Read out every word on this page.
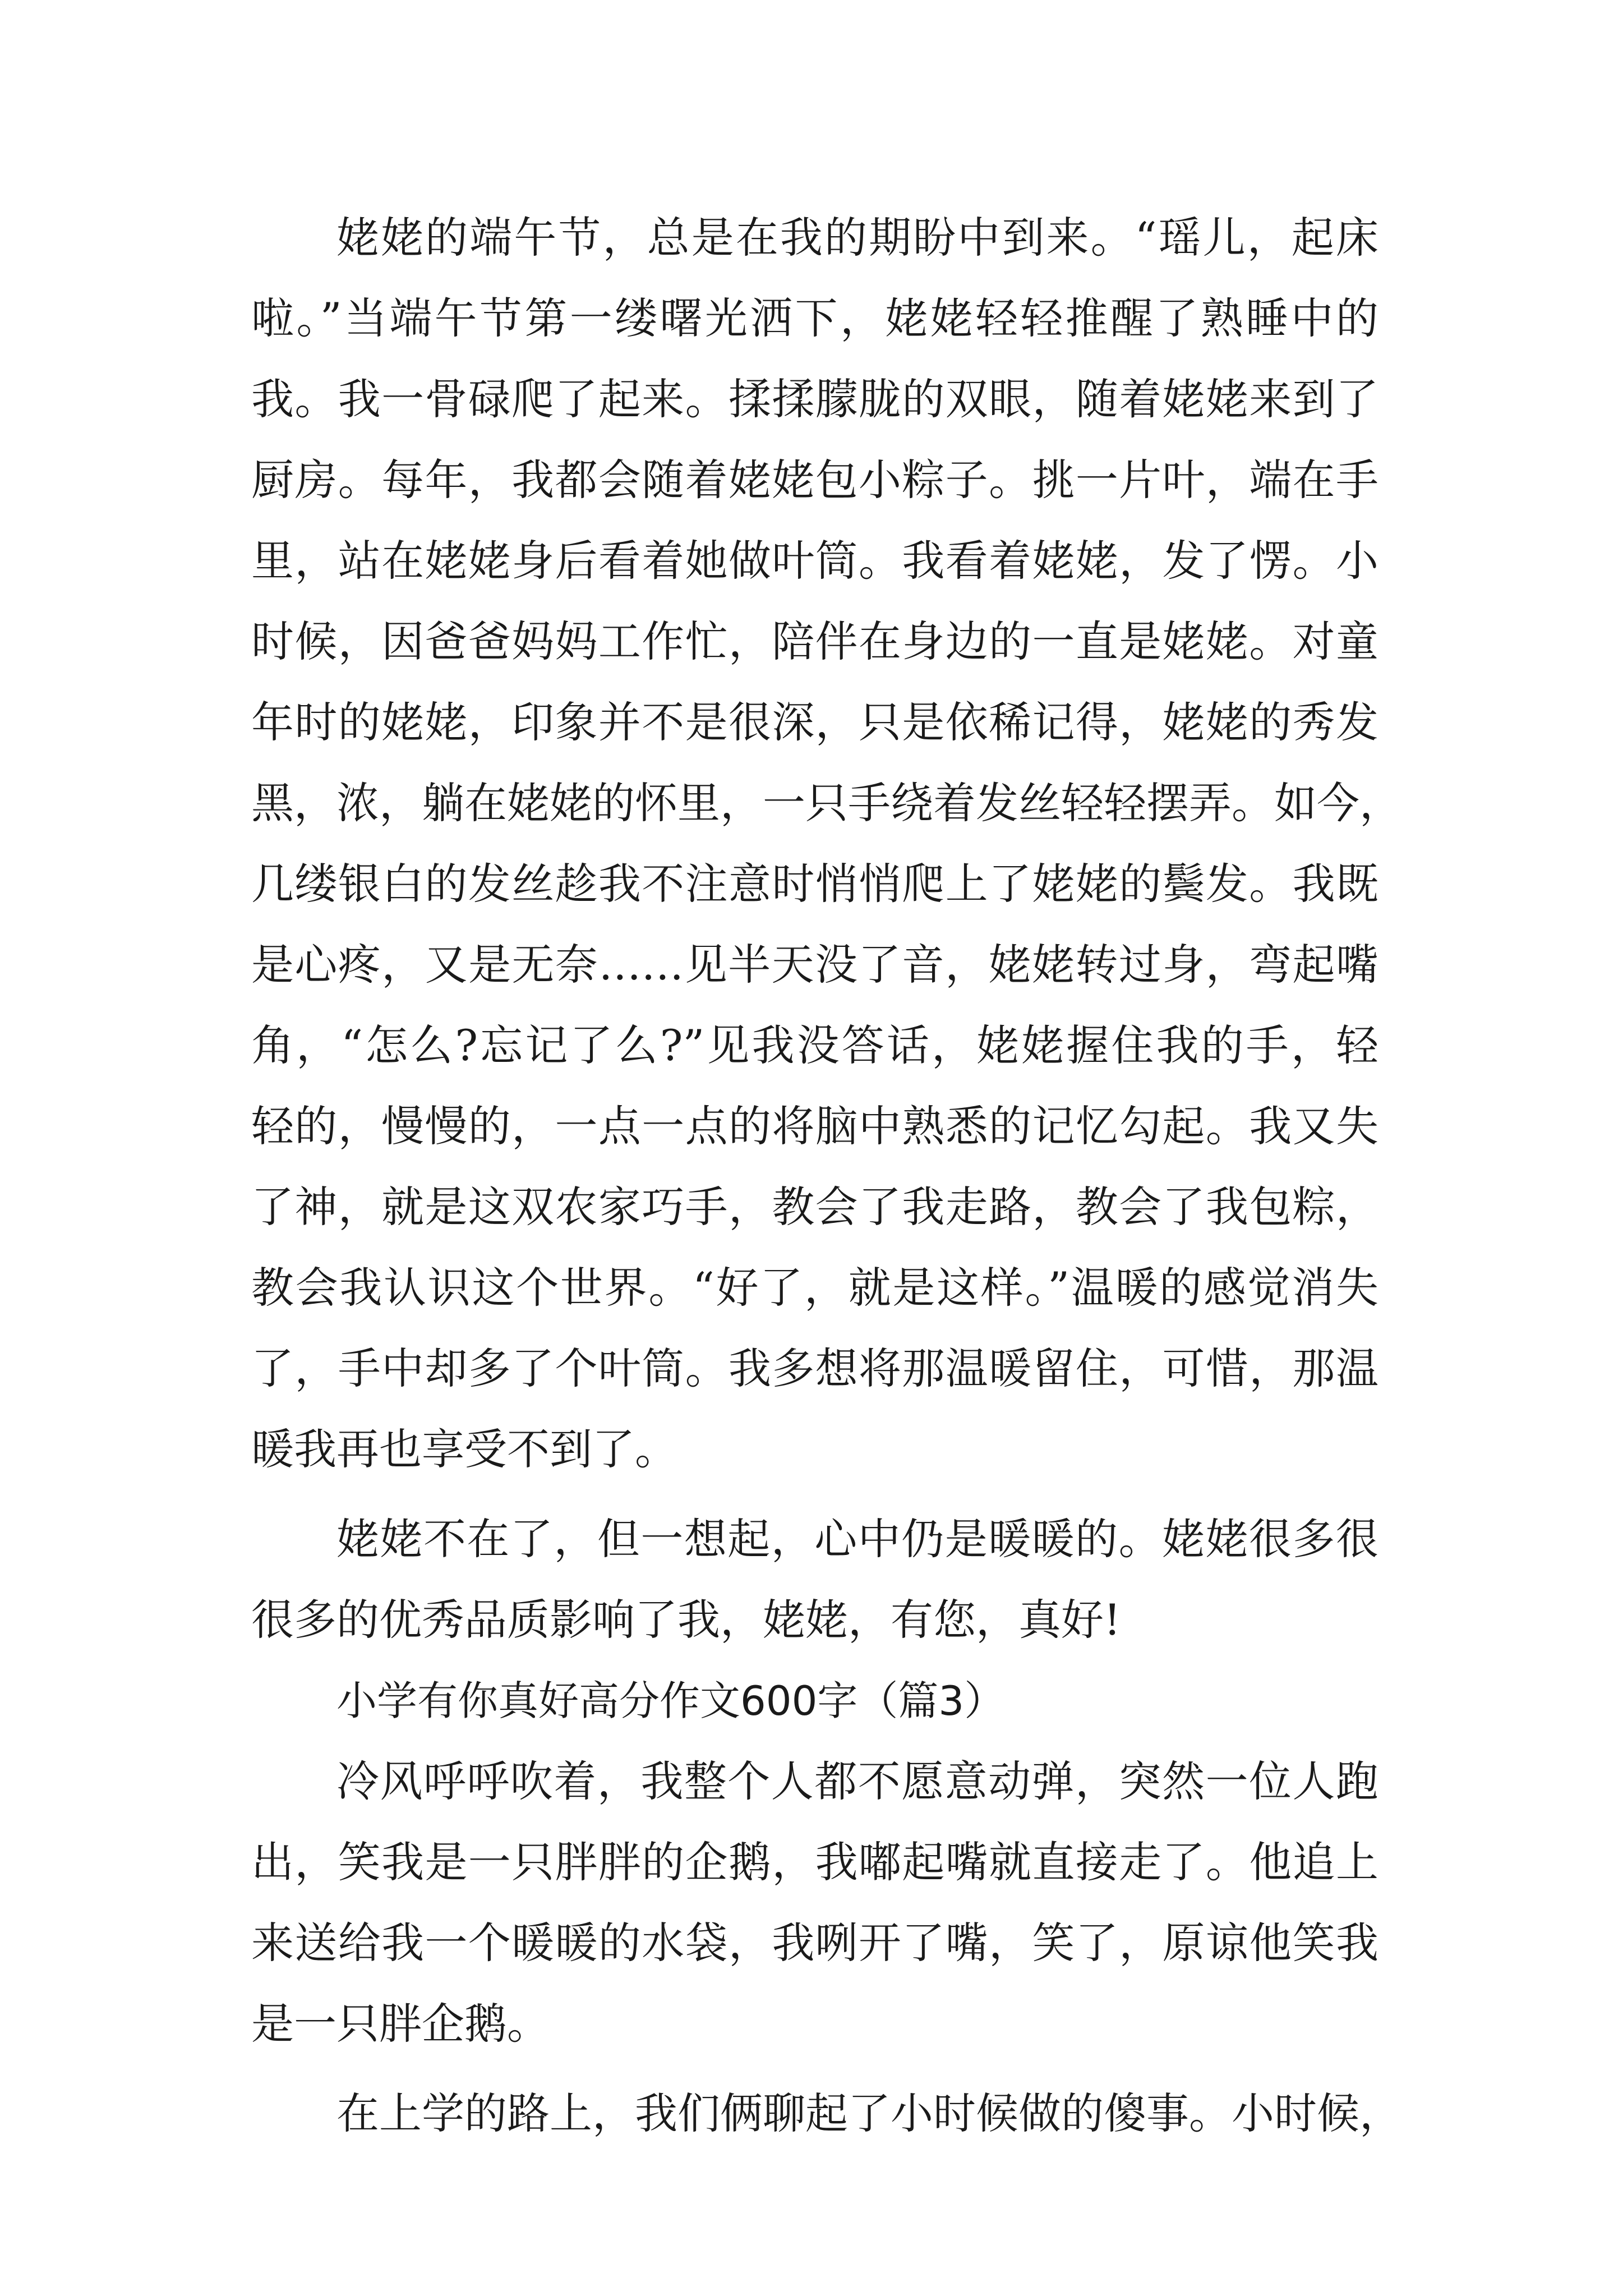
姥姥的端午节，总是在我的期盼中到来。“瑶儿，起床
啦。”当端午节第一缕曙光洒下，姥姥轻轻推醒了熟睡中的
我。我一骨碌爬了起来。揉揉朦胧的双眼，随着姥姥来到了
厨房。每年，我都会随着姥姥包小粽子。挑一片叶，端在手
里，站在姥姥身后看着她做叶筒。我看着姥姥，发了愣。小
时候，因爸爸妈妈工作忙，陪伴在身边的一直是姥姥。对童
年时的姥姥，印象并不是很深，只是依稀记得，姥姥的秀发
黑，浓，躺在姥姥的怀里，一只手绕着发丝轻轻摆弄。如今，
几缕银白的发丝趁我不注意时悄悄爬上了姥姥的鬓发。我既
是心疼，又是无奈……见半天没了音，姥姥转过身，弯起嘴
角，“怎么?忘记了么?”见我没答话，姥姥握住我的手，轻
轻的，慢慢的，一点一点的将脑中熟悉的记忆勾起。我又失
了神，就是这双农家巧手，教会了我走路，教会了我包粽，
教会我认识这个世界。“好了，就是这样。”温暖的感觉消失
了，手中却多了个叶筒。我多想将那温暖留住，可惜，那温
暖我再也享受不到了。
姥姥不在了，但一想起，心中仍是暖暖的。姥姥很多很
很多的优秀品质影响了我，姥姥，有您，真好!
小学有你真好高分作文600字（篇3）
冷风呼呼吹着，我整个人都不愿意动弹，突然一位人跑
出，笑我是一只胖胖的企鹅，我嘟起嘴就直接走了。他追上
来送给我一个暖暖的水袋，我咧开了嘴，笑了，原谅他笑我
是一只胖企鹅。
在上学的路上，我们俩聊起了小时候做的傻事。小时候，
